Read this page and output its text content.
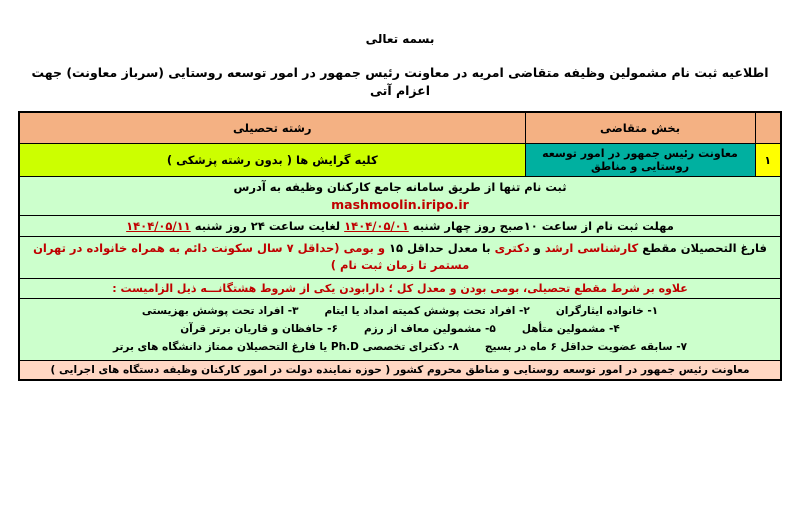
بسمه تعالی
اطلاعیه ثبت نام مشمولین وظیفه متقاضی امریه در معاونت رئیس جمهور در امور توسعه روستایی (سرباز معاونت) جهت اعزام آتی
	بخش متقاضی	رشته تحصیلی
۱	معاونت رئیس جمهور در امور توسعه روستایی و مناطق	کلیه گرایش ها ( بدون رشته پزشکی )

ثبت نام تنها از طریق سامانه جامع کارکنان وظیفه به آدرس
mashmoolin.iripo.ir		
مهلت ثبت نام از ساعت ۱۰صبح روز چهار شنبه ۱۴۰۴/۰۵/۰۱ لغایت ساعت ۲۴ روز شنبه ۱۴۰۴/۰۵/۱۱		
فارغ التحصیلان مقطع کارشناسی ارشد و دکتری با معدل حداقل ۱۵ و بومی (حداقل ۷ سال سکونت دائم به همراه خانواده در تهران مستمر تا زمان ثبت نام )		
علاوه بر شرط مقطع تحصیلی، بومی بودن و معدل کل ؛ دارابودن یکی از شروط هشتگانـــه ذیل الزامیست :		

۱- خانواده ایثارگران
۲- افراد تحت پوشش کمیته امداد یا ایتام
۳- افراد تحت پوشش بهزیستی
۴- مشمولین متأهل
۵- مشمولین معاف از رزم
۶- حافظان و قاریان برتر قرآن
۷- سابقه عضویت حداقل ۶ ماه در بسیج
۸- دکترای تخصصی Ph.D یا فارغ التحصیلان ممتاز دانشگاه های برتر

معاونت رئیس جمهور در امور توسعه روستایی و مناطق محروم کشور ( حوزه نماینده دولت در امور کارکنان وظیفه دستگاه های اجرایی )		
